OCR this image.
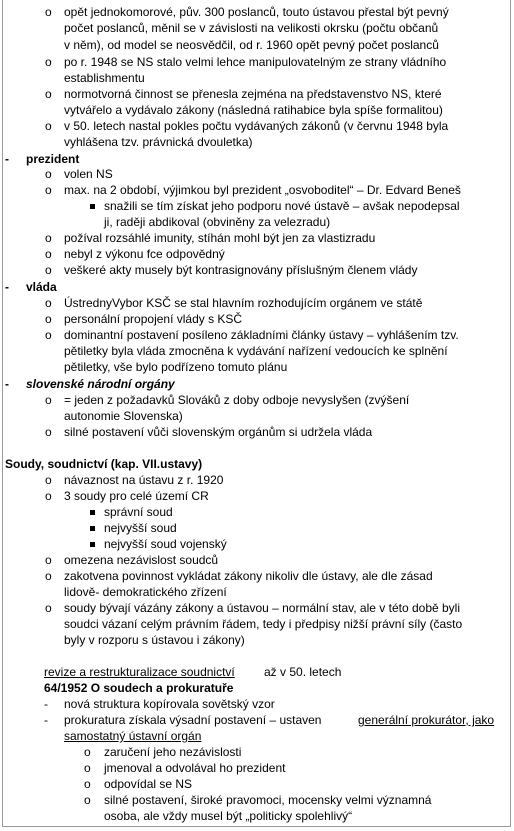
o opět jednokomorové, pův. 300 poslanců, touto ústavou přestal být pevný
počet poslanců, měnil se v závislosti na velikosti okrsku (počtu občanů
v něm), od model se neosvědčil, od r. 1960 opět pevný počet poslanců
o po r. 1948 se NS stalo velmi lehce manipulovatelným ze strany vládního
establishmentu
o normotvorná činnost se přenesla zejména na představenstvo NS, které
vytvářelo a vydávalo zákony (následná ratihabice byla spíše formalitou)
o v 50. letech nastal pokles počtu vydávaných zákonů (v červnu 1948 byla
vyhlášena tzv. právnická dvouletka)
- prezident
o volen NS
o max. na 2 období, výjimkou byl prezident „osvoboditel“ – Dr. Edvard Beneš
snažili se tím získat jeho podporu nové ústavě – avšak nepodepsal
ji, raději abdikoval (obviněny za velezradu)
o požíval rozsáhlé imunity, stíhán mohl být jen za vlastizradu
o nebyl z výkonu fce odpovědný
o veškeré akty musely být kontrasignovány příslušným členem vlády
- vláda
o ÚstrednyVybor KSČ se stal hlavním rozhodujícím orgánem ve státě
o personální propojení vlády s KSČ
o dominantní postavení posíleno základními články ústavy – vyhlášením tzv.
pětiletky byla vláda zmocněna k vydávání nařízení vedoucích ke splnění
pětiletky, vše bylo podřízeno tomuto plánu
- slovenské národní orgány
o = jeden z požadavků Slováků z doby odboje nevyslyšen (zvýšení
autonomie Slovenska)
o silné postavení vůči slovenským orgánům si udržela vláda
Soudy, soudnictví (kap. VII.ustavy)
o návaznost na ústavu z r. 1920
o 3 soudy pro celé území CR
správní soud
nejvyšší soud
nejvyšší soud vojenský
o omezena nezávislost soudců
o zakotvena povinnost vykládat zákony nikoliv dle ústavy, ale dle zásad
lidově- demokratického zřízení
o soudy bývají vázány zákony a ústavou – normální stav, ale v této době byli
soudci vázaní celým právním řádem, tedy i předpisy nižší právní síly (často
byly v rozporu s ústavou i zákony)
revize a restrukturalizace soudnictví až v 50. letech
64/1952 O soudech a prokuratuře
- nová struktura kopírovala sovětský vzor
- prokuratura získala výsadní postavení – ustaven	generální prokurátor, jako
samostatný ústavní orgán
o zaručení jeho nezávislosti
o jmenoval a odvolával ho prezident
o odpovídal se NS
o silné postavení, široké pravomoci, mocensky velmi významná
osoba, ale vždy musel být „politicky spolehlivý“
